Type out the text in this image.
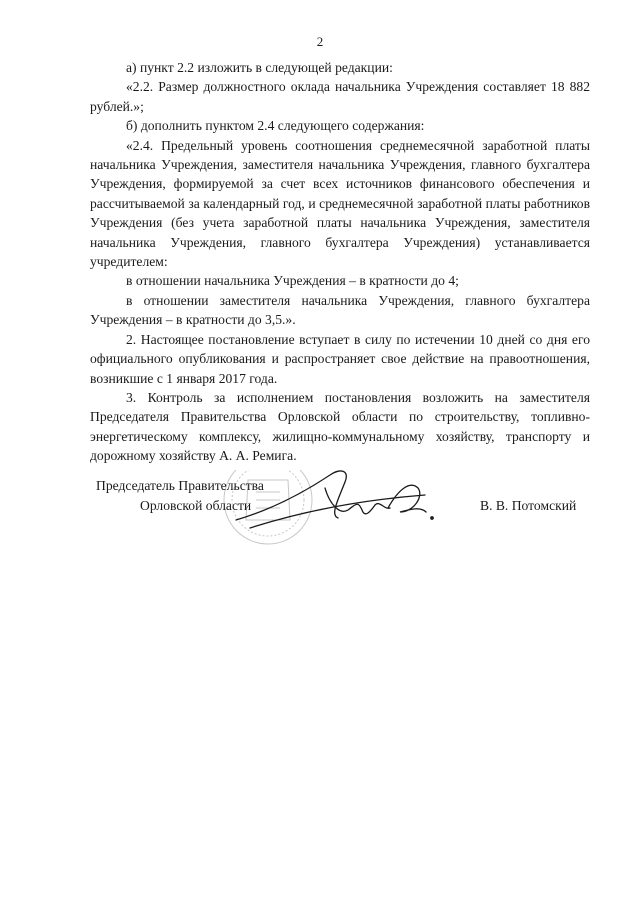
2

а) пункт 2.2 изложить в следующей редакции:

«2.2. Размер должностного оклада начальника Учреждения составляет 18 882 рублей.»;

б) дополнить пунктом 2.4 следующего содержания:

«2.4. Предельный уровень соотношения среднемесячной заработной платы начальника Учреждения, заместителя начальника Учреждения, главного бухгалтера Учреждения, формируемой за счет всех источников финансового обеспечения и рассчитываемой за календарный год, и среднемесячной заработной платы работников Учреждения (без учета заработной платы начальника Учреждения, заместителя начальника Учреждения, главного бухгалтера Учреждения) устанавливается учредителем:

в отношении начальника Учреждения – в кратности до 4;

в отношении заместителя начальника Учреждения, главного бухгалтера Учреждения – в кратности до 3,5.».

2. Настоящее постановление вступает в силу по истечении 10 дней со дня его официального опубликования и распространяет свое действие на правоотношения, возникшие с 1 января 2017 года.

3. Контроль за исполнением постановления возложить на заместителя Председателя Правительства Орловской области по строительству, топливно-энергетическому комплексу, жилищно-коммунальному хозяйству, транспорту и дорожному хозяйству А. А. Ремига.

Председатель Правительства
Орловской области	В. В. Потомский
